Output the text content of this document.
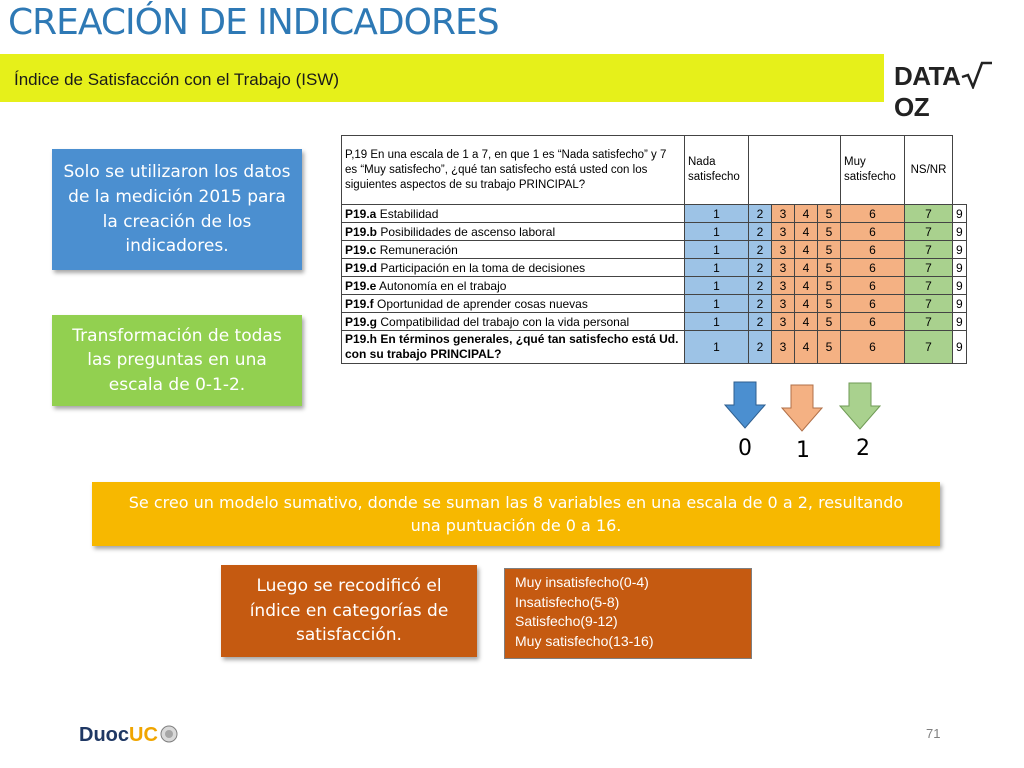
CREACIÓN DE INDICADORES
Índice de Satisfacción con el Trabajo (ISW)	DATAOZ
Solo se utilizaron los datos de la medición 2015 para la creación de los indicadores.
Transformación de todas las preguntas en una escala de 0-1-2.
P,19 En una escala de 1 a 7, en que 1 es “Nada satisfecho” y 7 es “Muy satisfecho”, ¿qué tan satisfecho está usted con los siguientes aspectos de su trabajo PRINCIPAL?	Nada satisfecho					Muy satisfecho	NS/NR	
P19.a Estabilidad	1	2	3	4	5	6	7	9
P19.b Posibilidades de ascenso laboral	1	2	3	4	5	6	7	9
P19.c Remuneración	1	2	3	4	5	6	7	9
P19.d Participación en la toma de decisiones	1	2	3	4	5	6	7	9
P19.e Autonomía en el trabajo	1	2	3	4	5	6	7	9
P19.f Oportunidad de aprender cosas nuevas	1	2	3	4	5	6	7	9
P19.g Compatibilidad del trabajo con la vida personal	1	2	3	4	5	6	7	9
P19.h En términos generales, ¿qué tan satisfecho está Ud. con su trabajo PRINCIPAL?	1	2	3	4	5	6	7	9
0 1 2
Se creo un modelo sumativo, donde se suman las 8 variables en una escala de 0 a 2, resultando una puntuación de 0 a 16.
Luego se recodificó el índice en categorías de satisfacción.
Muy insatisfecho(0-4)
Insatisfecho(5-8)
Satisfecho(9-12)
Muy satisfecho(13-16)
DuocUC	71
